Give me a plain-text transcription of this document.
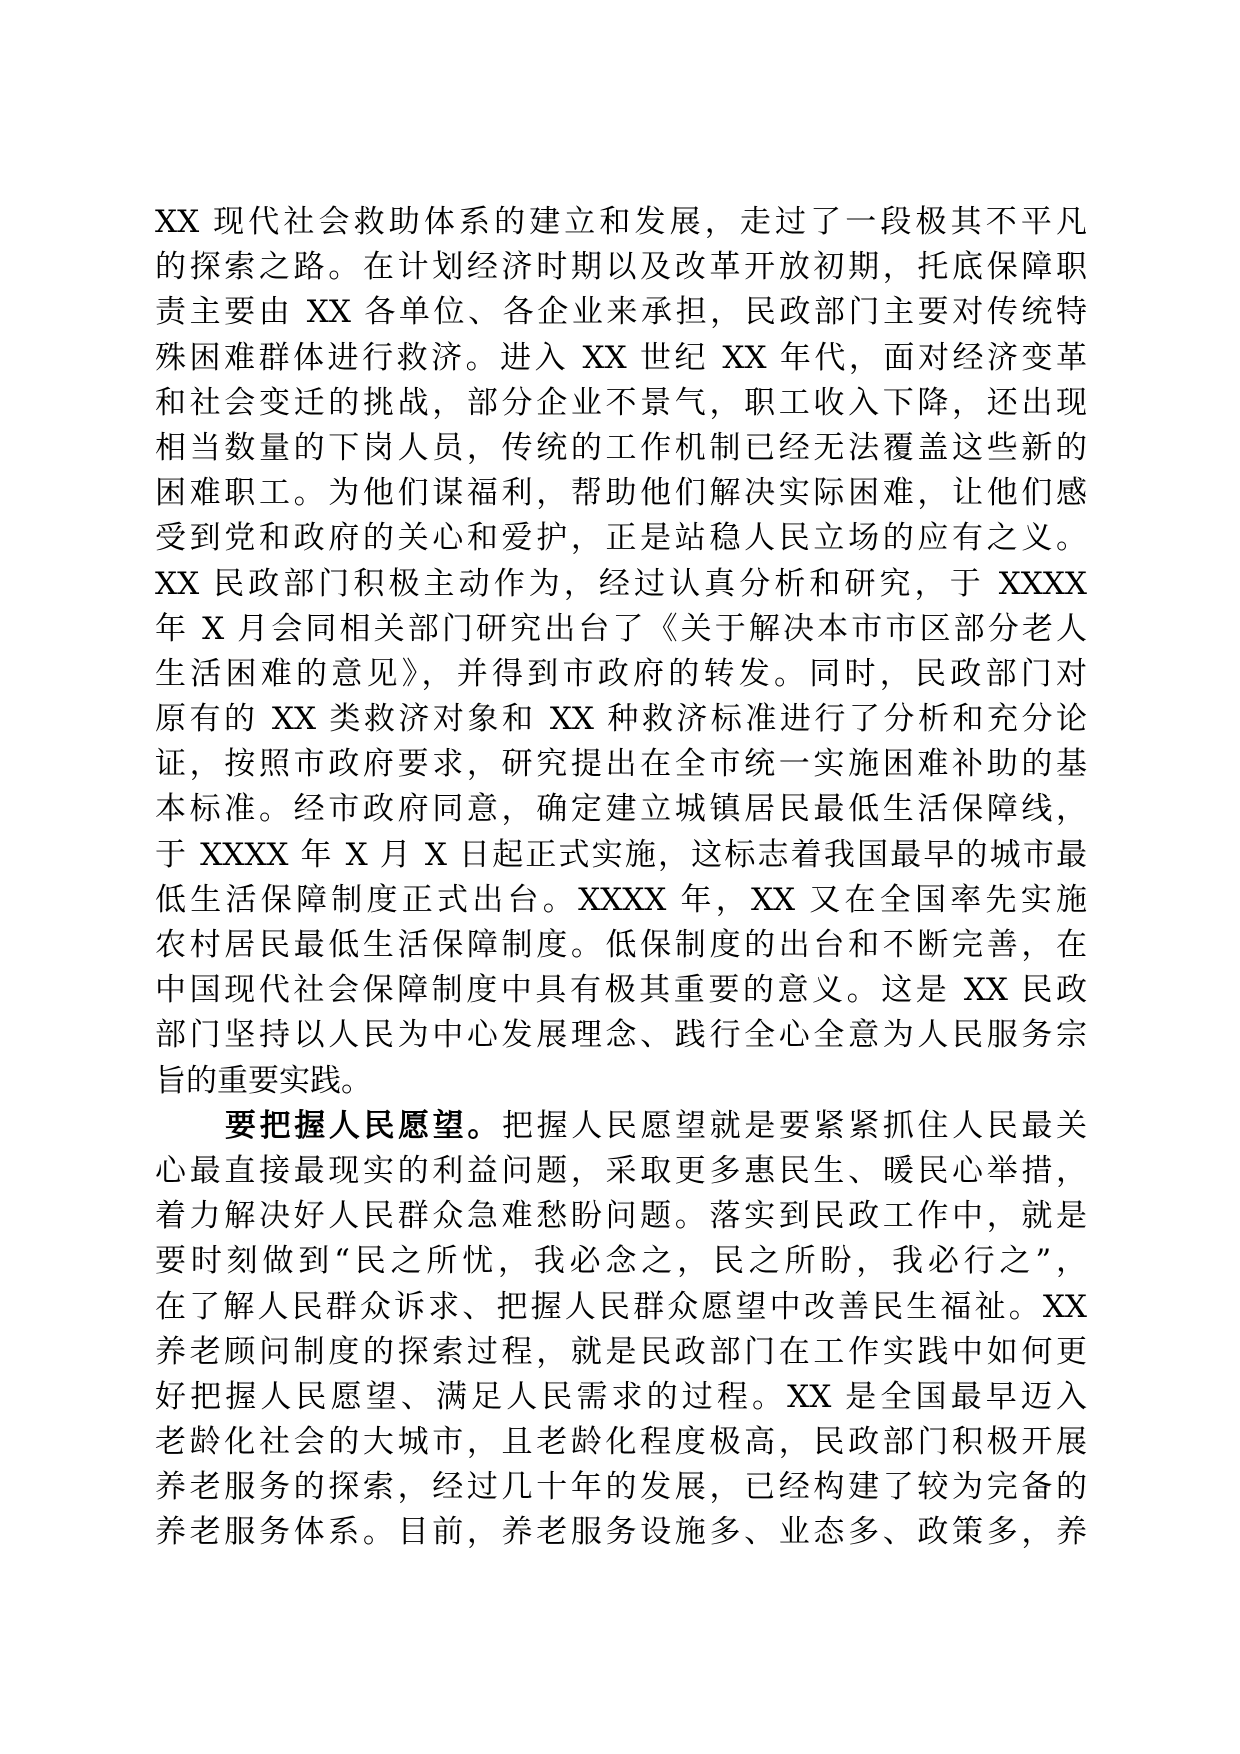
XX 现代社会救助体系的建立和发展，走过了一段极其不平凡
的探索之路。在计划经济时期以及改革开放初期，托底保障职
责主要由 XX 各单位、各企业来承担，民政部门主要对传统特
殊困难群体进行救济。进入 XX 世纪 XX 年代，面对经济变革
和社会变迁的挑战，部分企业不景气，职工收入下降，还出现
相当数量的下岗人员，传统的工作机制已经无法覆盖这些新的
困难职工。为他们谋福利，帮助他们解决实际困难，让他们感
受到党和政府的关心和爱护，正是站稳人民立场的应有之义。
XX 民政部门积极主动作为，经过认真分析和研究，于 XXXX
年 X 月会同相关部门研究出台了《关于解决本市市区部分老人
生活困难的意见》，并得到市政府的转发。同时，民政部门对
原有的 XX 类救济对象和 XX 种救济标准进行了分析和充分论
证，按照市政府要求，研究提出在全市统一实施困难补助的基
本标准。经市政府同意，确定建立城镇居民最低生活保障线，
于 XXXX 年 X 月 X 日起正式实施，这标志着我国最早的城市最
低生活保障制度正式出台。XXXX 年，XX 又在全国率先实施
农村居民最低生活保障制度。低保制度的出台和不断完善，在
中国现代社会保障制度中具有极其重要的意义。这是 XX 民政
部门坚持以人民为中心发展理念、践行全心全意为人民服务宗
旨的重要实践。
要把握人民愿望。把握人民愿望就是要紧紧抓住人民最关
心最直接最现实的利益问题，采取更多惠民生、暖民心举措，
着力解决好人民群众急难愁盼问题。落实到民政工作中，就是
要时刻做到“民之所忧，我必念之，民之所盼，我必行之”，
在了解人民群众诉求、把握人民群众愿望中改善民生福祉。XX
养老顾问制度的探索过程，就是民政部门在工作实践中如何更
好把握人民愿望、满足人民需求的过程。XX 是全国最早迈入
老龄化社会的大城市，且老龄化程度极高，民政部门积极开展
养老服务的探索，经过几十年的发展，已经构建了较为完备的
养老服务体系。目前，养老服务设施多、业态多、政策多，养
